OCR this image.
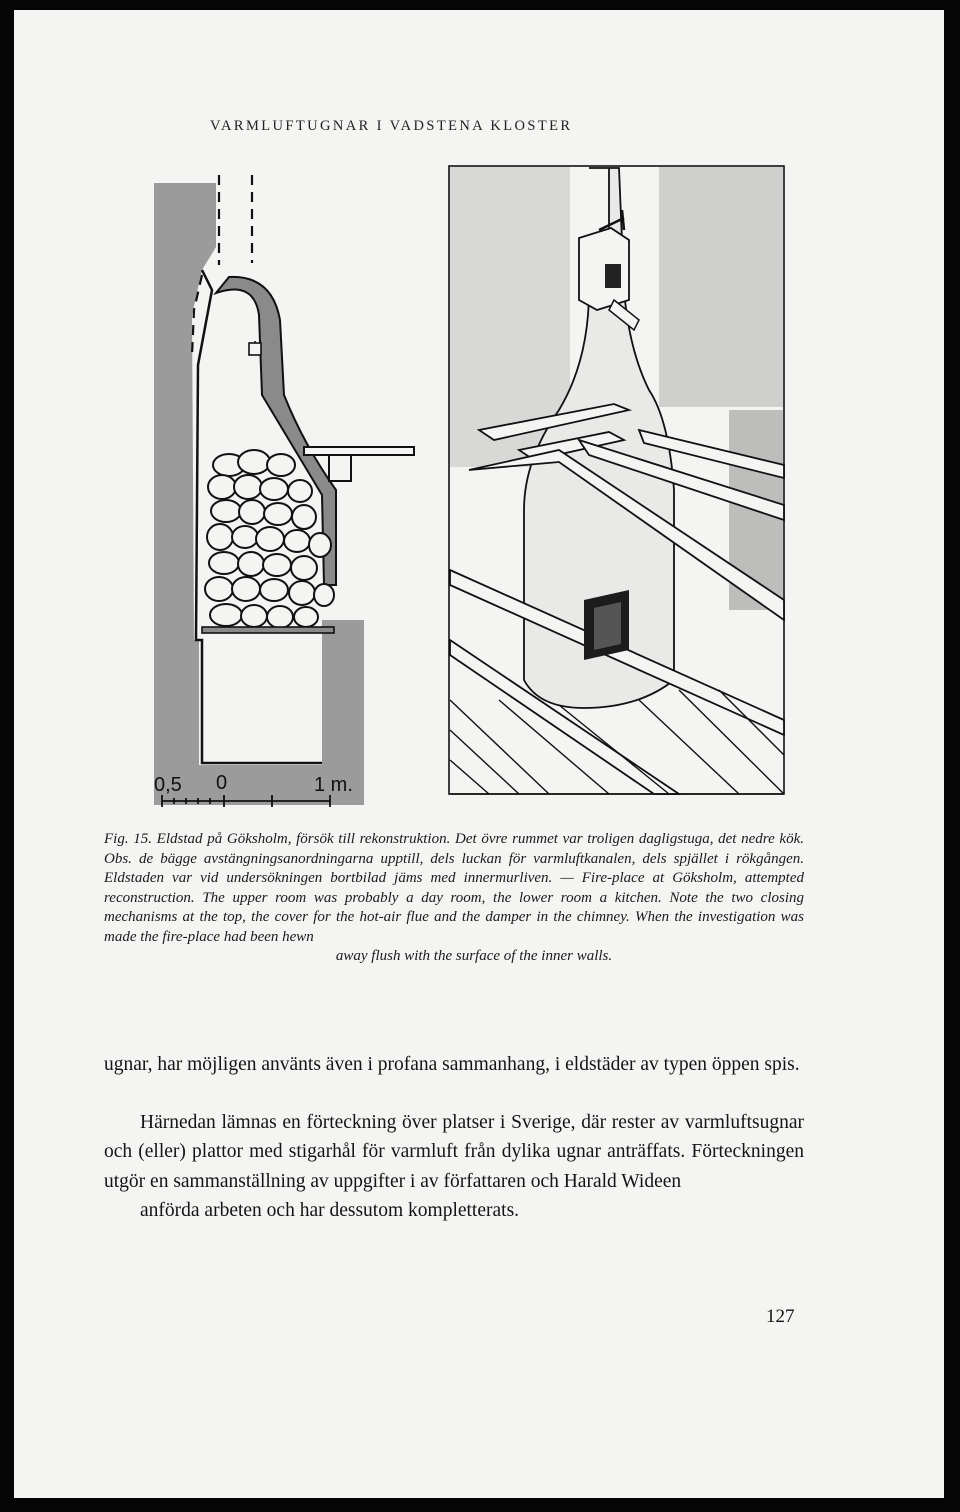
VARMLUFTUGNAR I VADSTENA KLOSTER
0,5 0	1 m.
Fig. 15. Eldstad på Göksholm, försök till rekonstruktion. Det övre rummet var troligen dagligstuga, det nedre kök. Obs. de bägge avstängningsanordningarna upptill, dels luckan för varmluftkanalen, dels spjället i rökgången. Eldstaden var vid undersökningen bortbilad jäms med innermurliven. — Fire-place at Göksholm, attempted reconstruction. The upper room was probably a day room, the lower room a kitchen. Note the two closing mechanisms at the top, the cover for the hot-air flue and the damper in the chimney. When the investigation was made the fire-place had been hewn

away flush with the surface of the inner walls.

ugnar, har möjligen använts även i profana sammanhang, i eldstäder av typen öppen spis.

Härnedan lämnas en förteckning över platser i Sverige, där rester av varmluftsugnar och (eller) plattor med stigarhål för varmluft från dylika ugnar anträffats. Förteckningen utgör en sammanställning av uppgifter i av författaren och Harald Wideen
anförda arbeten och har dessutom kompletterats.

127
